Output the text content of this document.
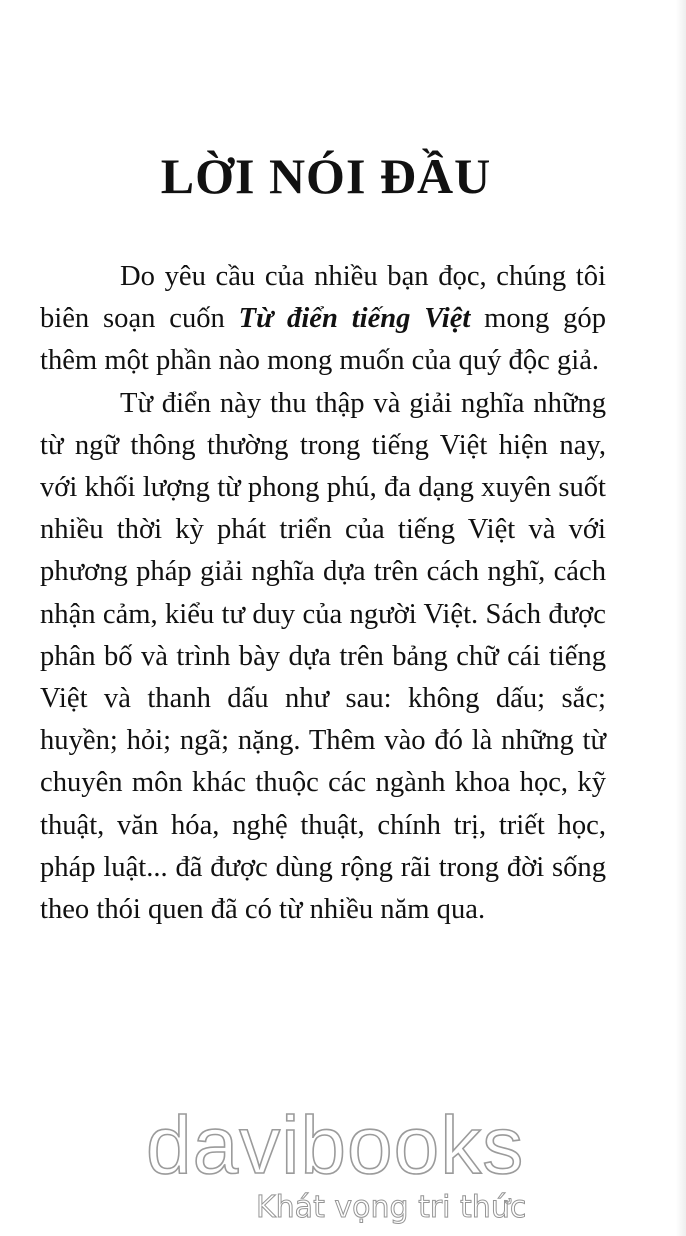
LỜI NÓI ĐẦU

Do yêu cầu của nhiều bạn đọc, chúng tôi biên soạn cuốn Từ điển tiếng Việt mong góp thêm một phần nào mong muốn của quý độc giả.

Từ điển này thu thập và giải nghĩa những từ ngữ thông thường trong tiếng Việt hiện nay, với khối lượng từ phong phú, đa dạng xuyên suốt nhiều thời kỳ phát triển của tiếng Việt và với phương pháp giải nghĩa dựa trên cách nghĩ, cách nhận cảm, kiểu tư duy của người Việt. Sách được phân bố và trình bày dựa trên bảng chữ cái tiếng Việt và thanh dấu như sau: không dấu; sắc; huyền; hỏi; ngã; nặng. Thêm vào đó là những từ chuyên môn khác thuộc các ngành khoa học, kỹ thuật, văn hóa, nghệ thuật, chính trị, triết học, pháp luật... đã được dùng rộng rãi trong đời sống theo thói quen đã có từ nhiều năm qua.

davibooks
Khát vọng tri thức
